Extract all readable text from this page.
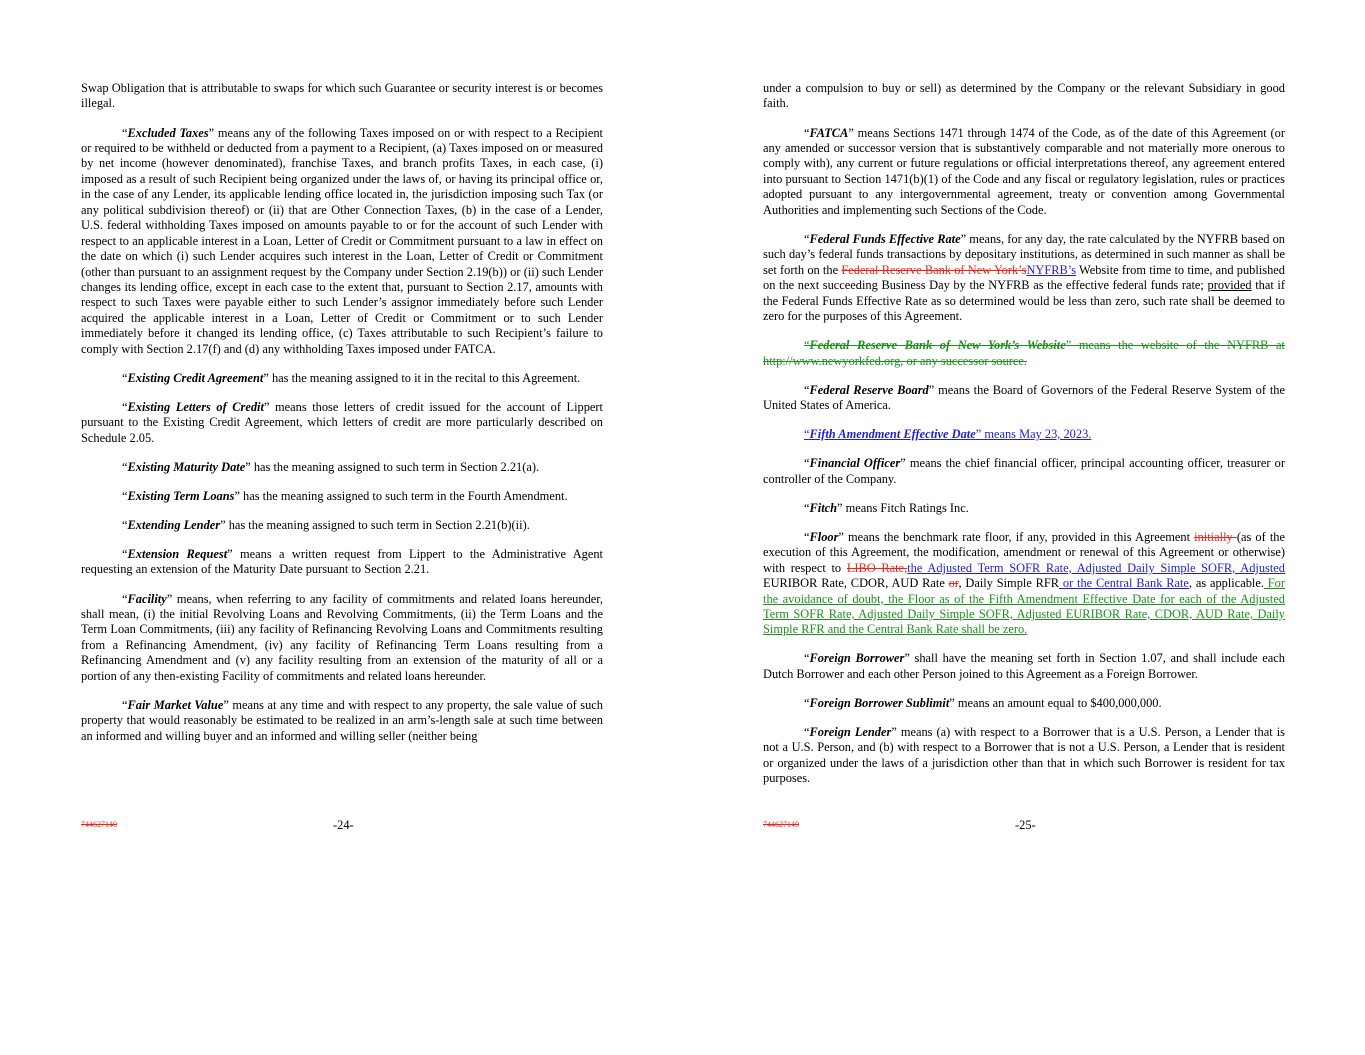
Swap Obligation that is attributable to swaps for which such Guarantee or security interest is or becomes illegal.

“Excluded Taxes” means any of the following Taxes imposed on or with respect to a Recipient or required to be withheld or deducted from a payment to a Recipient, (a) Taxes imposed on or measured by net income (however denominated), franchise Taxes, and branch profits Taxes, in each case, (i) imposed as a result of such Recipient being organized under the laws of, or having its principal office or, in the case of any Lender, its applicable lending office located in, the jurisdiction imposing such Tax (or any political subdivision thereof) or (ii) that are Other Connection Taxes, (b) in the case of a Lender, U.S. federal withholding Taxes imposed on amounts payable to or for the account of such Lender with respect to an applicable interest in a Loan, Letter of Credit or Commitment pursuant to a law in effect on the date on which (i) such Lender acquires such interest in the Loan, Letter of Credit or Commitment (other than pursuant to an assignment request by the Company under Section 2.19(b)) or (ii) such Lender changes its lending office, except in each case to the extent that, pursuant to Section 2.17, amounts with respect to such Taxes were payable either to such Lender’s assignor immediately before such Lender acquired the applicable interest in a Loan, Letter of Credit or Commitment or to such Lender immediately before it changed its lending office, (c) Taxes attributable to such Recipient’s failure to comply with Section 2.17(f) and (d) any withholding Taxes imposed under FATCA.

“Existing Credit Agreement” has the meaning assigned to it in the recital to this Agreement.

“Existing Letters of Credit” means those letters of credit issued for the account of Lippert pursuant to the Existing Credit Agreement, which letters of credit are more particularly described on Schedule 2.05.

“Existing Maturity Date” has the meaning assigned to such term in Section 2.21(a).

“Existing Term Loans” has the meaning assigned to such term in the Fourth Amendment.

“Extending Lender” has the meaning assigned to such term in Section 2.21(b)(ii).

“Extension Request” means a written request from Lippert to the Administrative Agent requesting an extension of the Maturity Date pursuant to Section 2.21.

“Facility” means, when referring to any facility of commitments and related loans hereunder, shall mean, (i) the initial Revolving Loans and Revolving Commitments, (ii) the Term Loans and the Term Loan Commitments, (iii) any facility of Refinancing Revolving Loans and Commitments resulting from a Refinancing Amendment, (iv) any facility of Refinancing Term Loans resulting from a Refinancing Amendment and (v) any facility resulting from an extension of the maturity of all or a portion of any then-existing Facility of commitments and related loans hereunder.

“Fair Market Value” means at any time and with respect to any property, the sale value of such property that would reasonably be estimated to be realized in an arm’s-length sale at such time between an informed and willing buyer and an informed and willing seller (neither being

744627140	-24-

under a compulsion to buy or sell) as determined by the Company or the relevant Subsidiary in good faith.

“FATCA” means Sections 1471 through 1474 of the Code, as of the date of this Agreement (or any amended or successor version that is substantively comparable and not materially more onerous to comply with), any current or future regulations or official interpretations thereof, any agreement entered into pursuant to Section 1471(b)(1) of the Code and any fiscal or regulatory legislation, rules or practices adopted pursuant to any intergovernmental agreement, treaty or convention among Governmental Authorities and implementing such Sections of the Code.

“Federal Funds Effective Rate” means, for any day, the rate calculated by the NYFRB based on such day’s federal funds transactions by depositary institutions, as determined in such manner as shall be set forth on the Federal Reserve Bank of New York’sNYFRB’s Website from time to time, and published on the next succeeding Business Day by the NYFRB as the effective federal funds rate; provided that if the Federal Funds Effective Rate as so determined would be less than zero, such rate shall be deemed to zero for the purposes of this Agreement.

“Federal Reserve Bank of New York’s Website” means the website of the NYFRB at http://www.newyorkfed.org, or any successor source.

“Federal Reserve Board” means the Board of Governors of the Federal Reserve System of the United States of America.

“Fifth Amendment Effective Date” means May 23, 2023.

“Financial Officer” means the chief financial officer, principal accounting officer, treasurer or controller of the Company.

“Fitch” means Fitch Ratings Inc.

“Floor” means the benchmark rate floor, if any, provided in this Agreement initially (as of the execution of this Agreement, the modification, amendment or renewal of this Agreement or otherwise) with respect to LIBO Rate,the Adjusted Term SOFR Rate, Adjusted Daily Simple SOFR, Adjusted EURIBOR Rate, CDOR, AUD Rate or, Daily Simple RFR or the Central Bank Rate, as applicable. For the avoidance of doubt, the Floor as of the Fifth Amendment Effective Date for each of the Adjusted Term SOFR Rate, Adjusted Daily Simple SOFR, Adjusted EURIBOR Rate, CDOR, AUD Rate, Daily Simple RFR and the Central Bank Rate shall be zero.

“Foreign Borrower” shall have the meaning set forth in Section 1.07, and shall include each Dutch Borrower and each other Person joined to this Agreement as a Foreign Borrower.

“Foreign Borrower Sublimit” means an amount equal to $400,000,000.

“Foreign Lender” means (a) with respect to a Borrower that is a U.S. Person, a Lender that is not a U.S. Person, and (b) with respect to a Borrower that is not a U.S. Person, a Lender that is resident or organized under the laws of a jurisdiction other than that in which such Borrower is resident for tax purposes.

744627140	-25-
